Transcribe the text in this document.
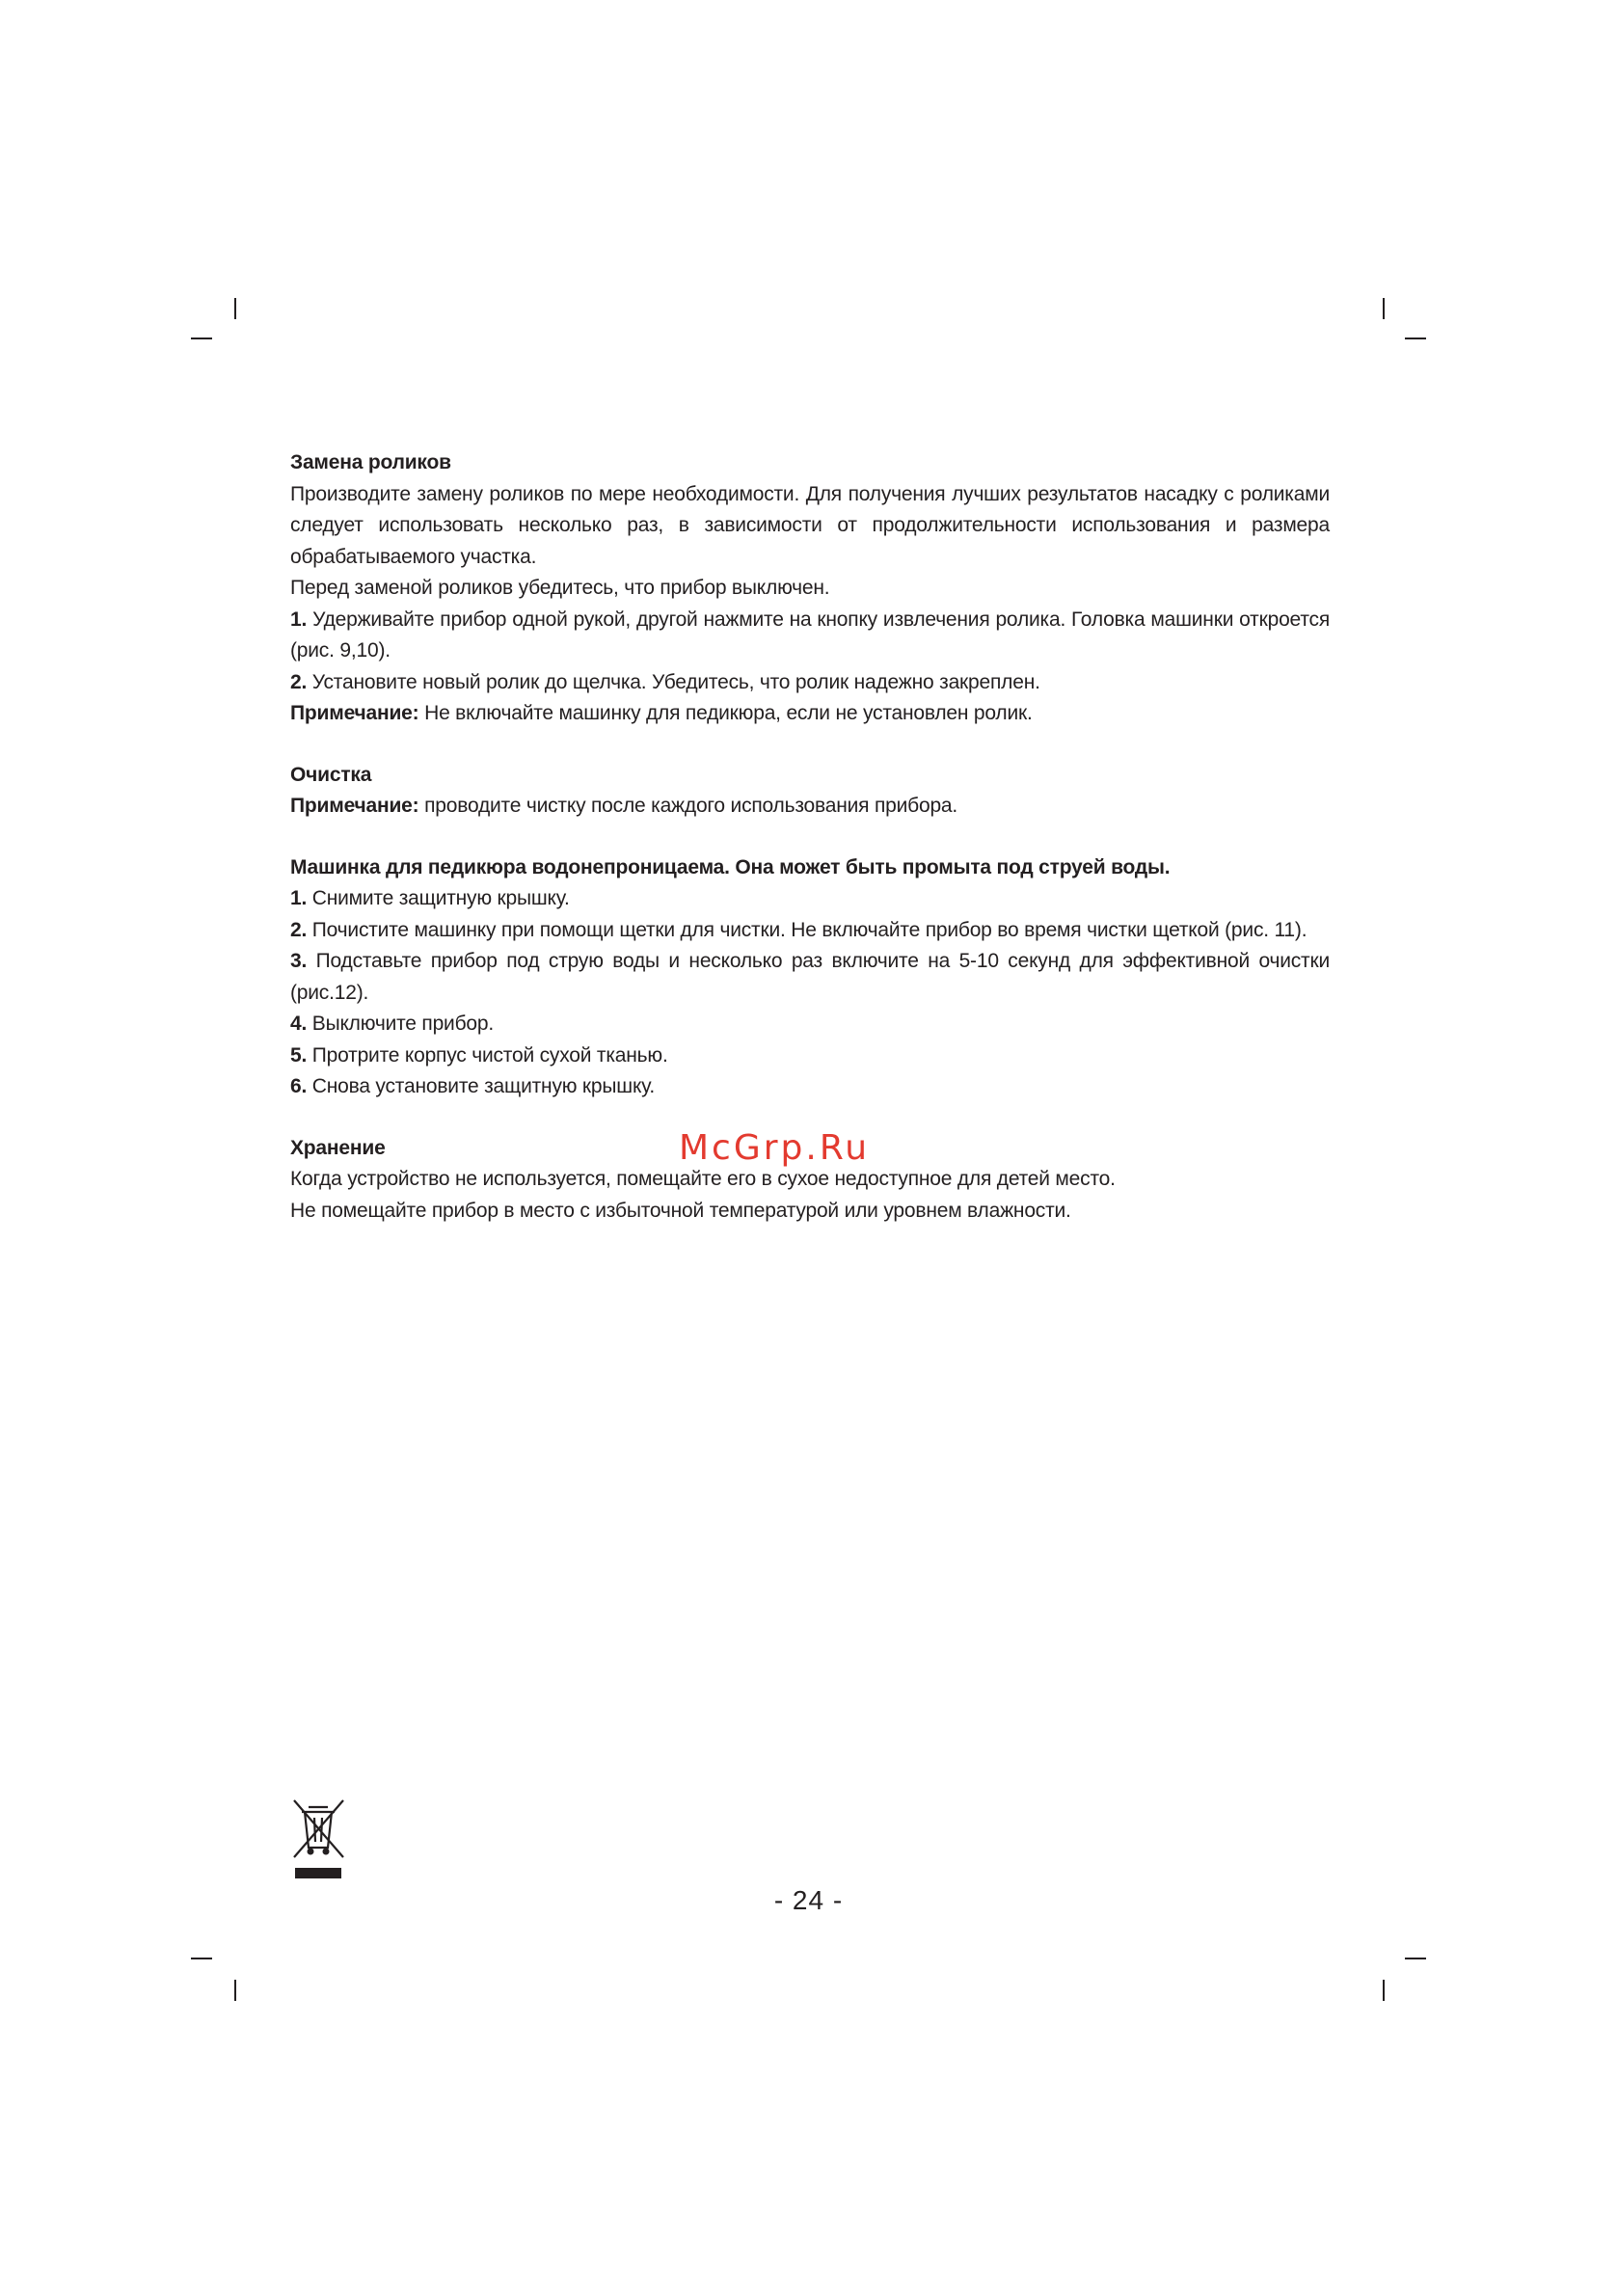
Замена роликов

Производите замену роликов по мере необходимости. Для получения лучших результатов насадку с роликами следует использовать несколько раз, в зависимости от продолжительности использования и размера обрабатываемого участка.

Перед заменой роликов убедитесь, что прибор выключен.

1. Удерживайте прибор одной рукой, другой нажмите на кнопку извлечения ролика. Головка машинки откроется (рис. 9,10).

2. Установите новый ролик до щелчка. Убедитесь, что ролик надежно закреплен.

Примечание: Не включайте машинку для педикюра, если не установлен ролик.

Очистка

Примечание: проводите чистку после каждого использования прибора.

Машинка для педикюра водонепроницаема. Она может быть промыта под струей воды.

1. Снимите защитную крышку.

2. Почистите машинку при помощи щетки для чистки. Не включайте прибор во время чистки щеткой (рис. 11).

3. Подставьте прибор под струю воды и несколько раз включите на 5-10 секунд для эффективной очистки (рис.12).

4. Выключите прибор.

5. Протрите корпус чистой сухой тканью.

6. Снова установите защитную крышку.

Хранение

Когда устройство не используется, помещайте его в сухое недоступное для детей место.

Не помещайте прибор в место с избыточной температурой или уровнем влажности.

McGrp.Ru
- 24 -
